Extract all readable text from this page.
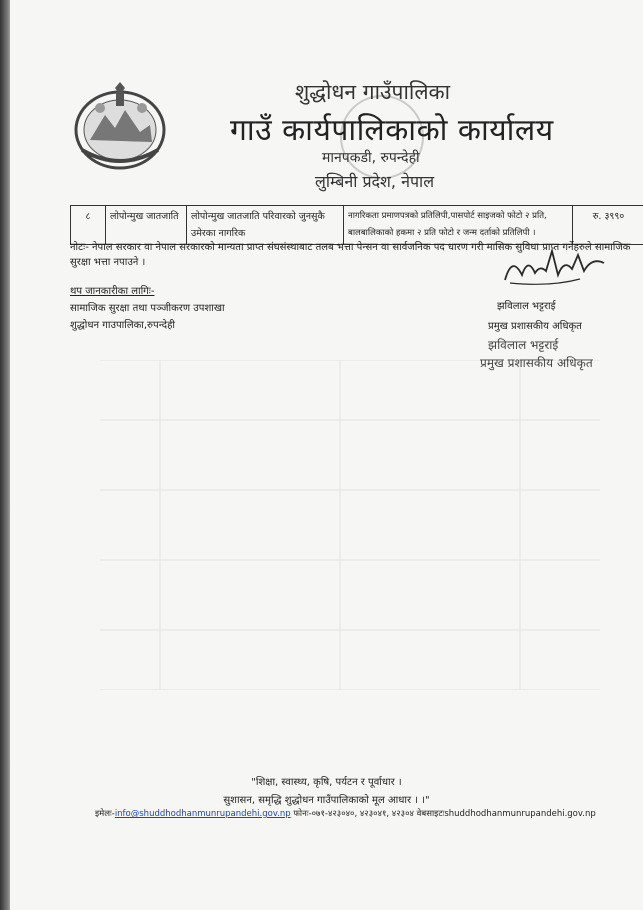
शुद्धोधन गाउँपालिका
गाउँ कार्यपालिकाको कार्यालय
मानपकडी, रुपन्देही
लुम्बिनी प्रदेश, नेपाल
८	लोपोन्मुख जातजाति	लोपोन्मुख जातजाति परिवारको जुनसुकै उमेरका नागरिक	नागरिकता प्रमाणपत्रको प्रतिलिपी,पासपोर्ट साइजको फोटो २ प्रति, बालबालिकाको हकमा २ प्रति फोटो र जन्म दर्ताको प्रतिलिपी ।	रु. ३९९०
नोटः- नेपाल सरकार वा नेपाल सरकारको मान्यता प्राप्त संघसंस्थाबाट तलब भत्ता पेन्सन वा सार्वजनिक पद धारण गरी मासिक सुविधा प्राप्त गर्नेहरुले सामाजिक सुरक्षा भत्ता नपाउने ।
थप जानकारीका लागिः-
सामाजिक सुरक्षा तथा पञ्जीकरण उपशाखा
शुद्धोधन गाउपालिका,रुपन्देही
झविलाल भट्टराई
प्रमुख प्रशासकीय अधिकृत
झविलाल भट्टराई
प्रमुख प्रशासकीय अधिकृत
"शिक्षा, स्वास्थ्य, कृषि, पर्यटन र पूर्वाधार ।
सुशासन, समृद्धि शुद्धोधन गाउँपालिकाको मूल आधार । ।"
इमेलः-info@shuddhodhanmunrupandehi.gov.np फोनः-०७१-४२३०४०, ४२३०४१, ४२३०४ वेबसाइटःshuddhodhanmunrupandehi.gov.np
